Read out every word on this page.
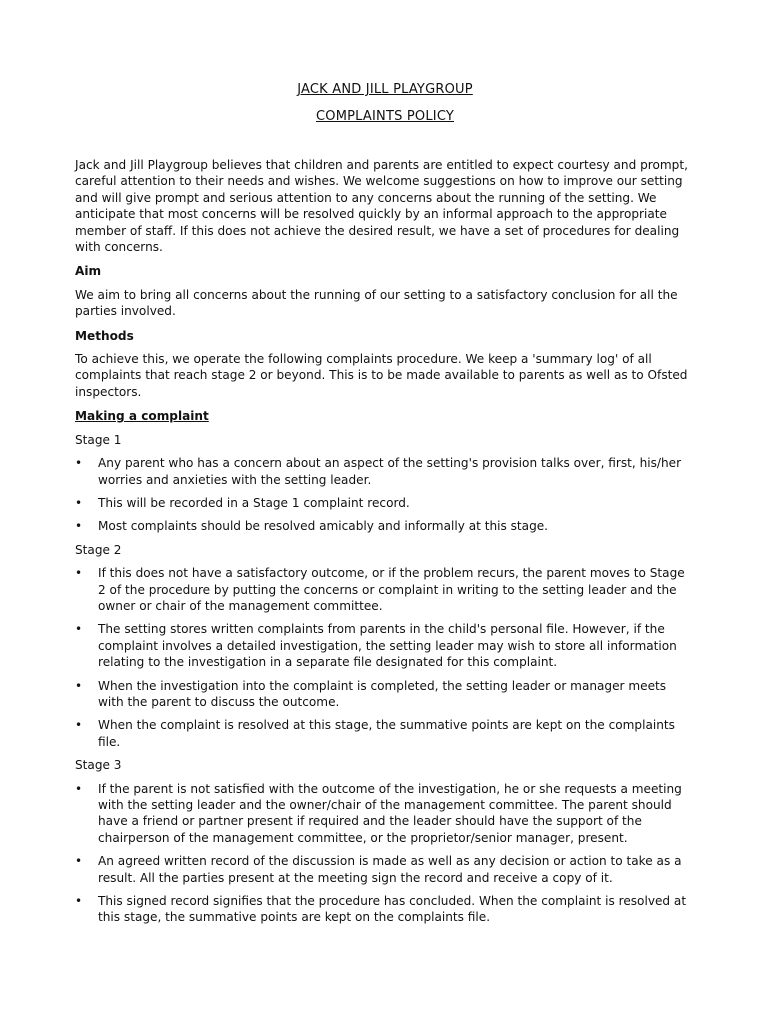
JACK AND JILL PLAYGROUP
COMPLAINTS POLICY

Jack and Jill Playgroup believes that children and parents are entitled to expect courtesy and prompt, careful attention to their needs and wishes. We welcome suggestions on how to improve our setting and will give prompt and serious attention to any concerns about the running of the setting. We anticipate that most concerns will be resolved quickly by an informal approach to the appropriate member of staff. If this does not achieve the desired result, we have a set of procedures for dealing with concerns.

Aim

We aim to bring all concerns about the running of our setting to a satisfactory conclusion for all the parties involved.

Methods

To achieve this, we operate the following complaints procedure. We keep a 'summary log' of all complaints that reach stage 2 or beyond. This is to be made available to parents as well as to Ofsted inspectors.

Making a complaint
Stage 1
• Any parent who has a concern about an aspect of the setting's provision talks over, first, his/her worries and anxieties with the setting leader.
• This will be recorded in a Stage 1 complaint record.
• Most complaints should be resolved amicably and informally at this stage.
Stage 2
• If this does not have a satisfactory outcome, or if the problem recurs, the parent moves to Stage 2 of the procedure by putting the concerns or complaint in writing to the setting leader and the owner or chair of the management committee.
• The setting stores written complaints from parents in the child's personal file. However, if the complaint involves a detailed investigation, the setting leader may wish to store all information relating to the investigation in a separate file designated for this complaint.
• When the investigation into the complaint is completed, the setting leader or manager meets with the parent to discuss the outcome.
• When the complaint is resolved at this stage, the summative points are kept on the complaints file.
Stage 3
• If the parent is not satisfied with the outcome of the investigation, he or she requests a meeting with the setting leader and the owner/chair of the management committee. The parent should have a friend or partner present if required and the leader should have the support of the chairperson of the management committee, or the proprietor/senior manager, present.
• An agreed written record of the discussion is made as well as any decision or action to take as a result. All the parties present at the meeting sign the record and receive a copy of it.
• This signed record signifies that the procedure has concluded. When the complaint is resolved at this stage, the summative points are kept on the complaints file.
